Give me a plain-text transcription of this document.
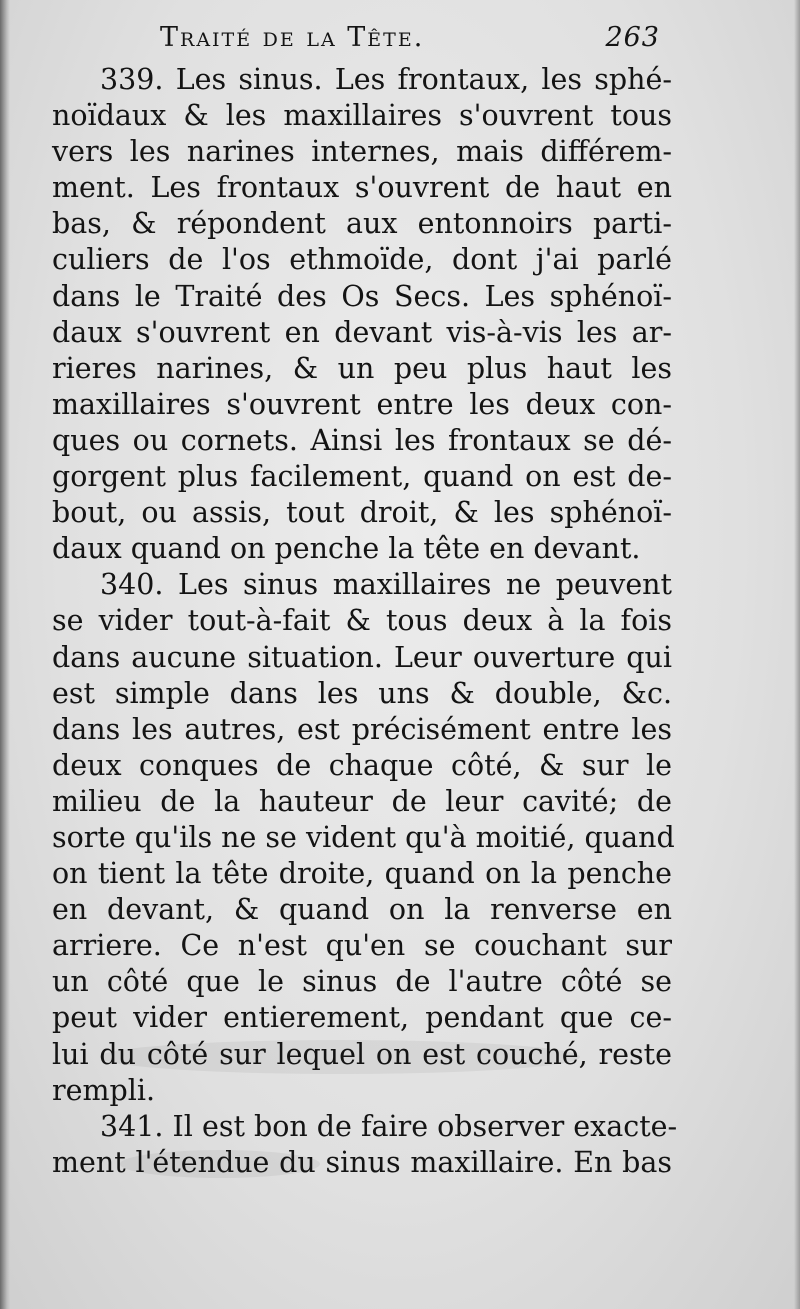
Traité de la Tête.	263
339. Les sinus. Les frontaux, les sphé-
noïdaux & les maxillaires s'ouvrent tous
vers les narines internes, mais différem-
ment. Les frontaux s'ouvrent de haut en
bas, & répondent aux entonnoirs parti-
culiers de l'os ethmoïde, dont j'ai parlé
dans le Traité des Os Secs. Les sphénoï-
daux s'ouvrent en devant vis-à-vis les ar-
rieres narines, & un peu plus haut les
maxillaires s'ouvrent entre les deux con-
ques ou cornets. Ainsi les frontaux se dé-
gorgent plus facilement, quand on est de-
bout, ou assis, tout droit, & les sphénoï-
daux quand on penche la tête en devant.
340. Les sinus maxillaires ne peuvent
se vider tout-à-fait & tous deux à la fois
dans aucune situation. Leur ouverture qui
est simple dans les uns & double, &c.
dans les autres, est précisément entre les
deux conques de chaque côté, & sur le
milieu de la hauteur de leur cavité; de
sorte qu'ils ne se vident qu'à moitié, quand
on tient la tête droite, quand on la penche
en devant, & quand on la renverse en
arriere. Ce n'est qu'en se couchant sur
un côté que le sinus de l'autre côté se
peut vider entierement, pendant que ce-
lui du côté sur lequel on est couché, reste
rempli.
341. Il est bon de faire observer exacte-
ment l'étendue du sinus maxillaire. En bas
